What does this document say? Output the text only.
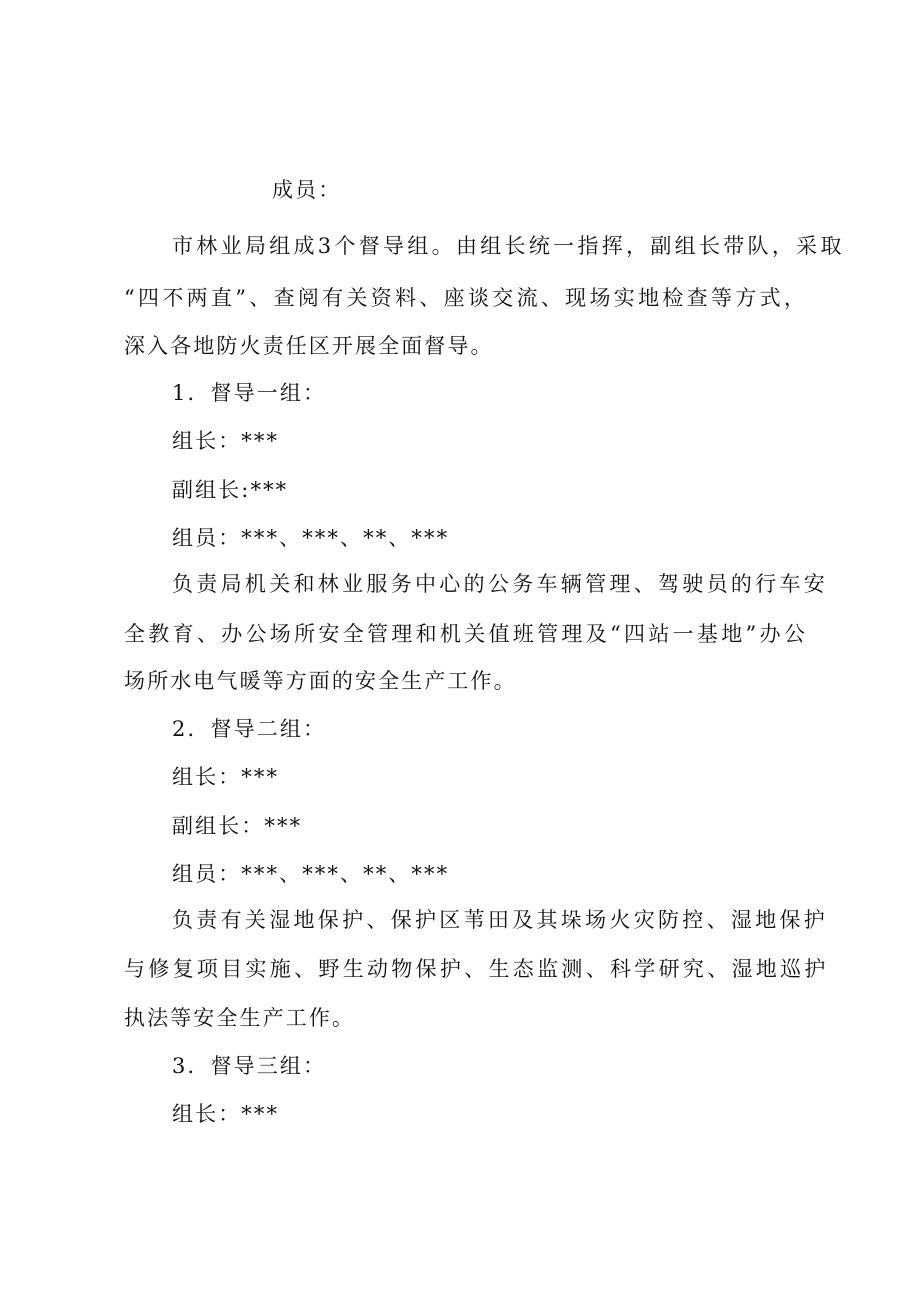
成员：
市林业局组成3个督导组。由组长统一指挥，副组长带队，采取
“四不两直”、查阅有关资料、座谈交流、现场实地检查等方式，
深入各地防火责任区开展全面督导。
1．督导一组：
组长：***
副组长:***
组员：***、***、**、***
负责局机关和林业服务中心的公务车辆管理、驾驶员的行车安
全教育、办公场所安全管理和机关值班管理及“四站一基地”办公
场所水电气暖等方面的安全生产工作。
2．督导二组：
组长：***
副组长：***
组员：***、***、**、***
负责有关湿地保护、保护区苇田及其垛场火灾防控、湿地保护
与修复项目实施、野生动物保护、生态监测、科学研究、湿地巡护
执法等安全生产工作。
3．督导三组：
组长：***
